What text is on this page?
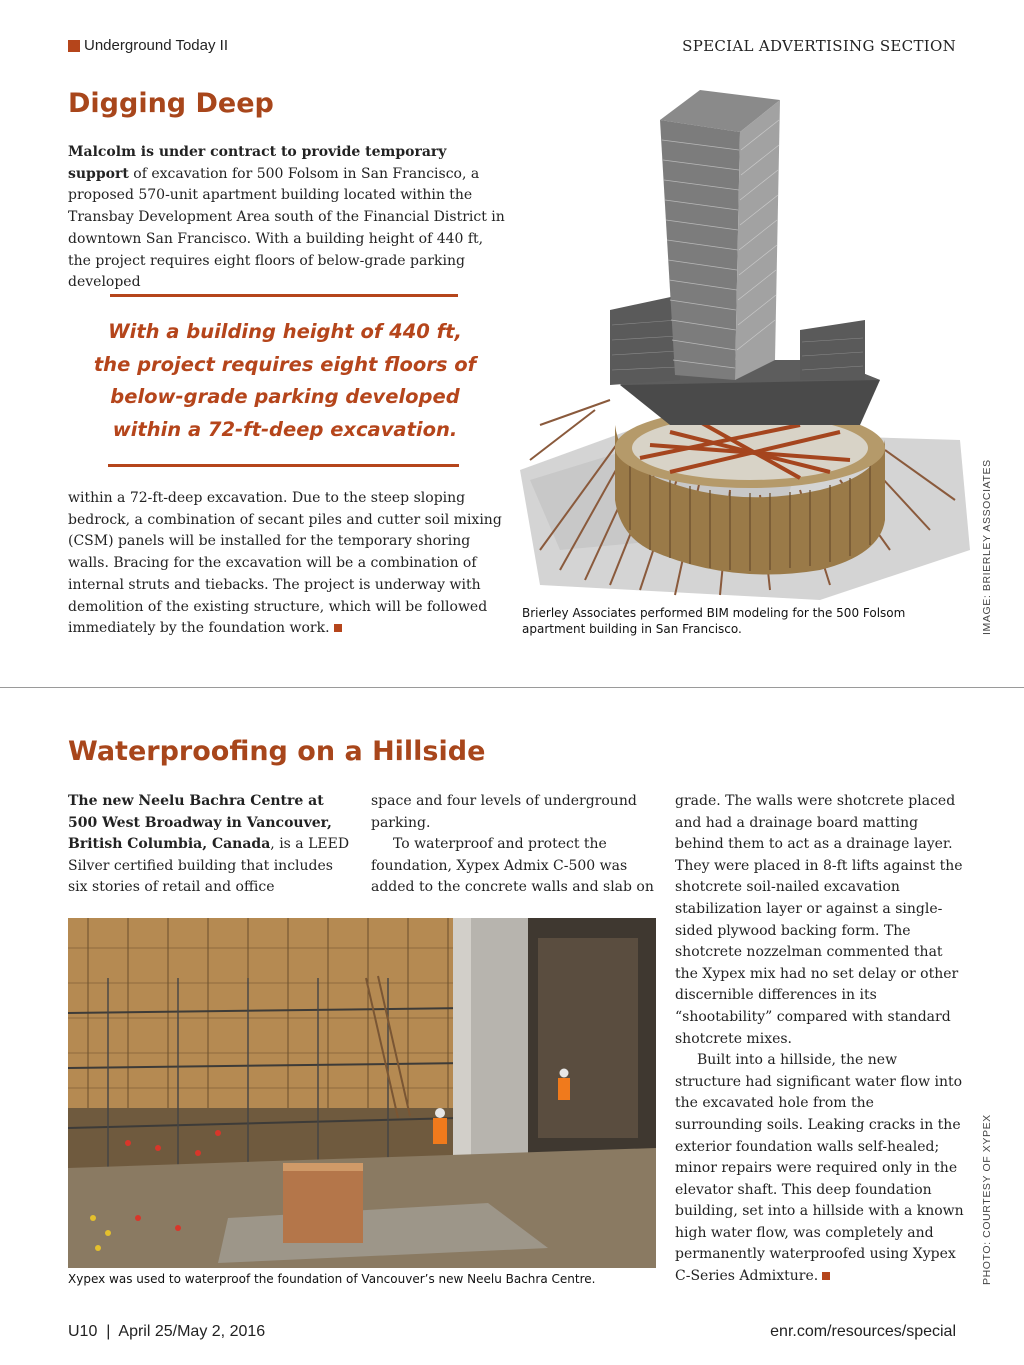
Underground Today II	SPECIAL ADVERTISING SECTION
Digging Deep
Malcolm is under contract to provide temporary support of excavation for 500 Folsom in San Francisco, a proposed 570-unit apartment building located within the Transbay Development Area south of the Financial District in downtown San Francisco. With a building height of 440 ft, the project requires eight floors of below-grade parking developed
With a building height of 440 ft,
the project requires eight floors of
below-grade parking developed
within a 72-ft-deep excavation.
within a 72-ft-deep excavation. Due to the steep sloping bedrock, a combination of secant piles and cutter soil mixing (CSM) panels will be installed for the temporary shoring walls. Bracing for the excavation will be a combination of internal struts and tiebacks. The project is underway with demolition of the existing structure, which will be followed immediately by the foundation work.
Brierley Associates performed BIM modeling for the 500 Folsom apartment building in San Francisco.	IMAGE: BRIERLEY ASSOCIATES
Waterproofing on a Hillside
The new Neelu Bachra Centre at 500 West Broadway in Vancouver, British Columbia, Canada, is a LEED Silver certified building that includes six stories of retail and office
space and four levels of underground parking.
To waterproof and protect the foundation, Xypex Admix C-500 was added to the concrete walls and slab on
grade. The walls were shotcrete placed and had a drainage board matting behind them to act as a drainage layer. They were placed in 8-ft lifts against the shotcrete soil-nailed excavation stabilization layer or against a single-sided plywood backing form. The shotcrete nozzelman commented that the Xypex mix had no set delay or other discernible differences in its “shootability” compared with standard shotcrete mixes.
Built into a hillside, the new structure had significant water flow into the excavated hole from the surrounding soils. Leaking cracks in the exterior foundation walls self-healed; minor repairs were required only in the elevator shaft. This deep foundation building, set into a hillside with a known high water flow, was completely and permanently waterproofed using Xypex C-Series Admixture.
Xypex was used to waterproof the foundation of Vancouver’s new Neelu Bachra Centre.	PHOTO: COURTESY OF XYPEX
U10  |  April 25/May 2, 2016	enr.com/resources/special
